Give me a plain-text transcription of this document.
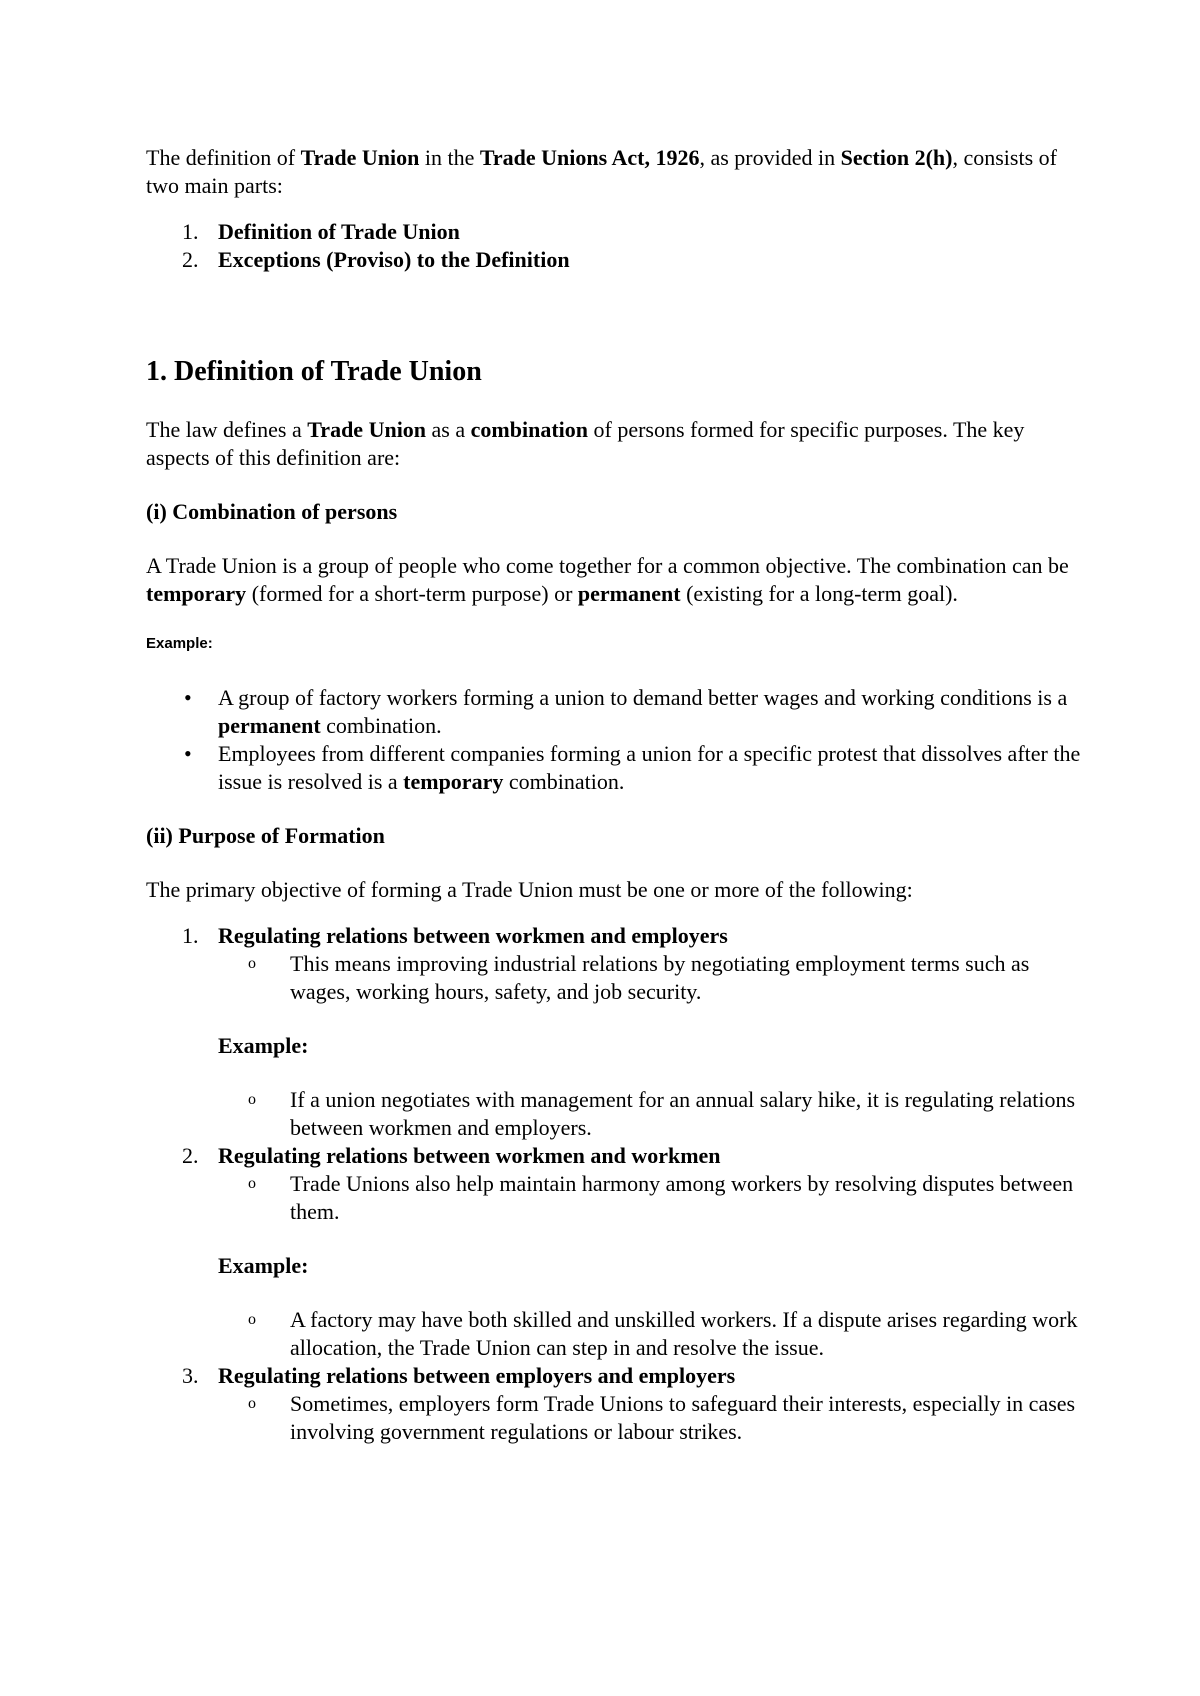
The definition of Trade Union in the Trade Unions Act, 1926, as provided in Section 2(h), consists of two main parts:

1. Definition of Trade Union
2. Exceptions (Proviso) to the Definition
1. Definition of Trade Union

The law defines a Trade Union as a combination of persons formed for specific purposes. The key aspects of this definition are:

(i) Combination of persons

A Trade Union is a group of people who come together for a common objective. The combination can be temporary (formed for a short-term purpose) or permanent (existing for a long-term goal).

Example:

• A group of factory workers forming a union to demand better wages and working conditions is a permanent combination.
• Employees from different companies forming a union for a specific protest that dissolves after the issue is resolved is a temporary combination.

(ii) Purpose of Formation

The primary objective of forming a Trade Union must be one or more of the following:

1. Regulating relations between workmen and employers
o This means improving industrial relations by negotiating employment terms such as wages, working hours, safety, and job security.

Example:

o If a union negotiates with management for an annual salary hike, it is regulating relations between workmen and employers.
2. Regulating relations between workmen and workmen
o Trade Unions also help maintain harmony among workers by resolving disputes between them.

Example:

o A factory may have both skilled and unskilled workers. If a dispute arises regarding work allocation, the Trade Union can step in and resolve the issue.
3. Regulating relations between employers and employers
o Sometimes, employers form Trade Unions to safeguard their interests, especially in cases involving government regulations or labour strikes.
